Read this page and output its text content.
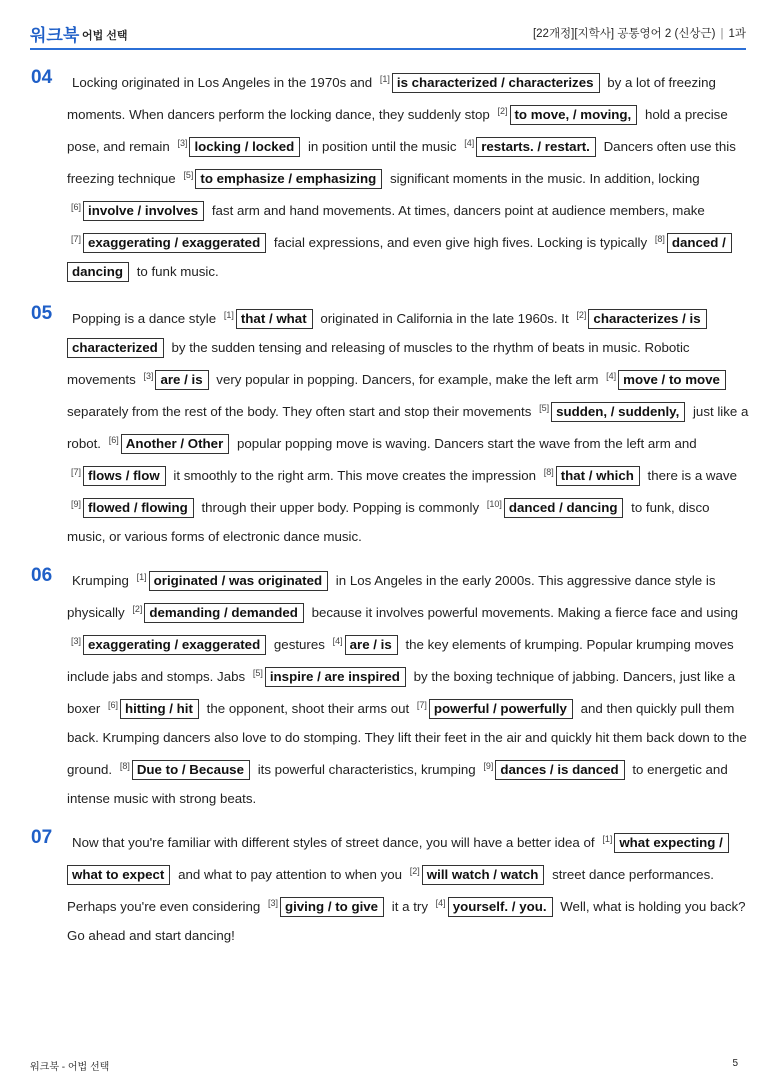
워크북 어법 선택	[22개정][지학사] 공통영어 2 (신상근) | 1과
04	Locking originated in Los Angeles in the 1970s and [1] is characterized / characterizes by a lot of freezing moments. When dancers perform the locking dance, they suddenly stop [2] to move, / moving, hold a precise pose, and remain [3] locking / locked in position until the music [4] restarts. / restart. Dancers often use this freezing technique [5] to emphasize / emphasizing significant moments in the music. In addition, locking [6] involve / involves fast arm and hand movements. At times, dancers point at audience members, make [7] exaggerating / exaggerated facial expressions, and even give high fives. Locking is typically [8] danced / dancing to funk music.

05	Popping is a dance style [1] that / what originated in California in the late 1960s. It [2] characterizes / is characterized by the sudden tensing and releasing of muscles to the rhythm of beats in music. Robotic movements [3] are / is very popular in popping. Dancers, for example, make the left arm [4] move / to move separately from the rest of the body. They often start and stop their movements [5] sudden, / suddenly, just like a robot. [6] Another / Other popular popping move is waving. Dancers start the wave from the left arm and [7] flows / flow it smoothly to the right arm. This move creates the impression [8] that / which there is a wave [9] flowed / flowing through their upper body. Popping is commonly [10] danced / dancing to funk, disco music, or various forms of electronic dance music.

06	Krumping [1] originated / was originated in Los Angeles in the early 2000s. This aggressive dance style is physically [2] demanding / demanded because it involves powerful movements. Making a fierce face and using [3] exaggerating / exaggerated gestures [4] are / is the key elements of krumping. Popular krumping moves include jabs and stomps. Jabs [5] inspire / are inspired by the boxing technique of jabbing. Dancers, just like a boxer [6] hitting / hit the opponent, shoot their arms out [7] powerful / powerfully and then quickly pull them back. Krumping dancers also love to do stomping. They lift their feet in the air and quickly hit them back down to the ground. [8] Due to / Because its powerful characteristics, krumping [9] dances / is danced to energetic and intense music with strong beats.

07	Now that you're familiar with different styles of street dance, you will have a better idea of [1] what expecting / what to expect and what to pay attention to when you [2] will watch / watch street dance performances. Perhaps you're even considering [3] giving / to give it a try [4] yourself. / you. Well, what is holding you back? Go ahead and start dancing!

워크북 - 어법 선택	5
